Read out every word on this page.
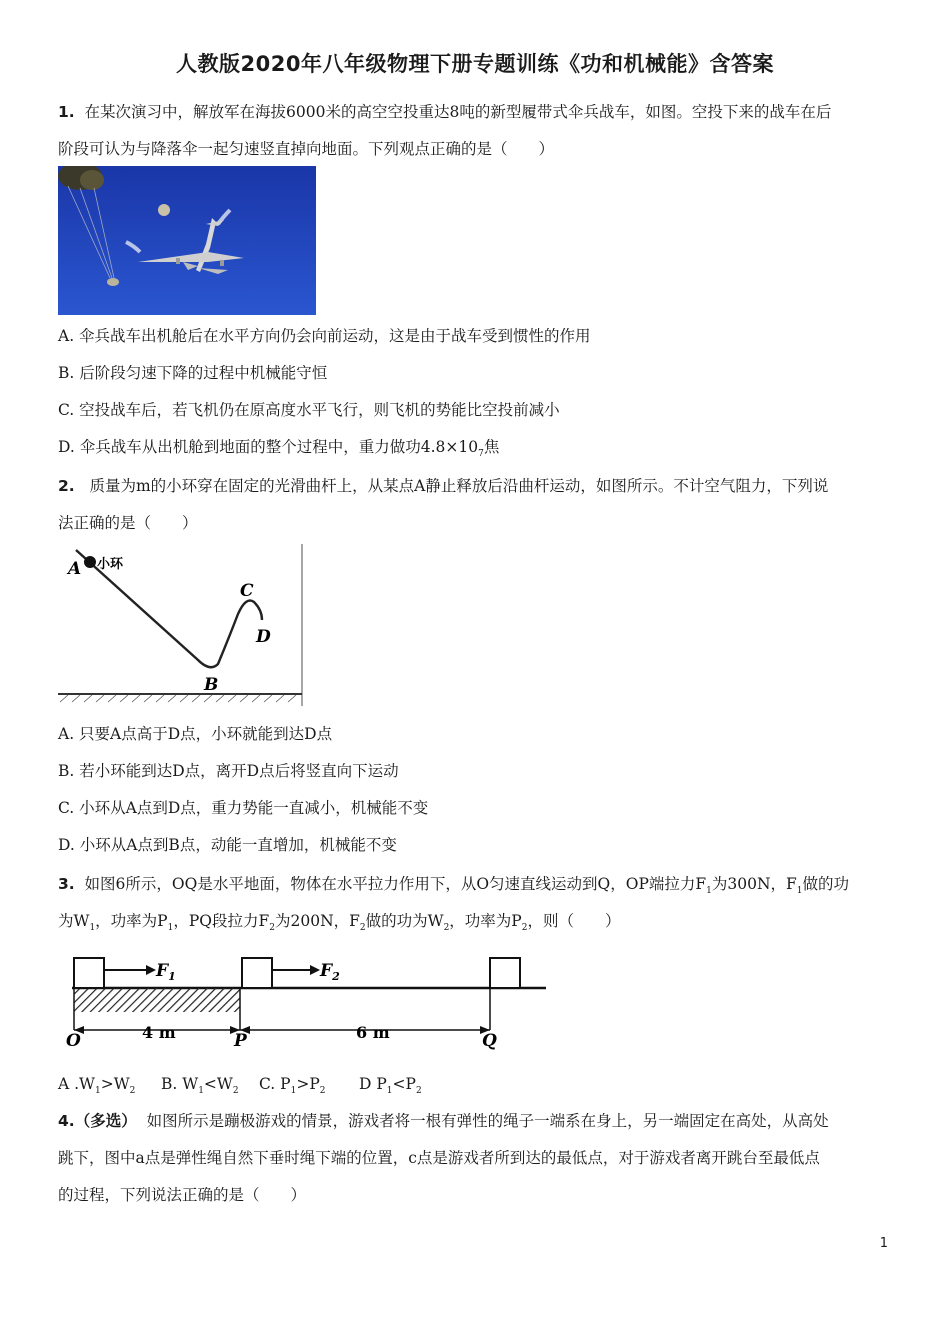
人教版2020年八年级物理下册专题训练《功和机械能》含答案
1. 在某次演习中，解放军在海拔6000米的高空空投重达8吨的新型履带式伞兵战车，如图。空投下来的战车在后
阶段可认为与降落伞一起匀速竖直掉向地面。下列观点正确的是（　　）
A. 伞兵战车出机舱后在水平方向仍会向前运动，这是由于战车受到惯性的作用
B. 后阶段匀速下降的过程中机械能守恒
C. 空投战车后，若飞机仍在原高度水平飞行，则飞机的势能比空投前减小
D. 伞兵战车从出机舱到地面的整个过程中，重力做功$4.8\times 10_7$焦
2. 质量为m的小环穿在固定的光滑曲杆上，从某点A静止释放后沿曲杆运动，如图所示。不计空气阻力，下列说
法正确的是（　　）
A 小环
B
C
D
A. 只要A点高于D点，小环就能到达D点
B. 若小环能到达D点，离开D点后将竖直向下运动
C. 小环从A点到D点，重力势能一直减小，机械能不变
D. 小环从A点到B点，动能一直增加，机械能不变
3. 如图6所示，OQ是水平地面，物体在水平拉力作用下，从O匀速直线运动到Q，OP端拉力$F_1$为300N，$F_1$做的功
为$W_1$，功率为$P_1$，PQ段拉力$F_2$为200N，$F_2$做的功为$W_2$，功率为$P_2$，则（　　）
$F_1$	$F_2$
4 m	6 m
O	P	Q
A $.W_1>W_2$ B. $W_1<W_2$ C. $P_1>P_2$ D $P_1<P_2$
4.（多选） 如图所示是蹦极游戏的情景，游戏者将一根有弹性的绳子一端系在身上，另一端固定在高处，从高处
跳下，图中a点是弹性绳自然下垂时绳下端的位置，c点是游戏者所到达的最低点，对于游戏者离开跳台至最低点
的过程，下列说法正确的是（　　）
1
